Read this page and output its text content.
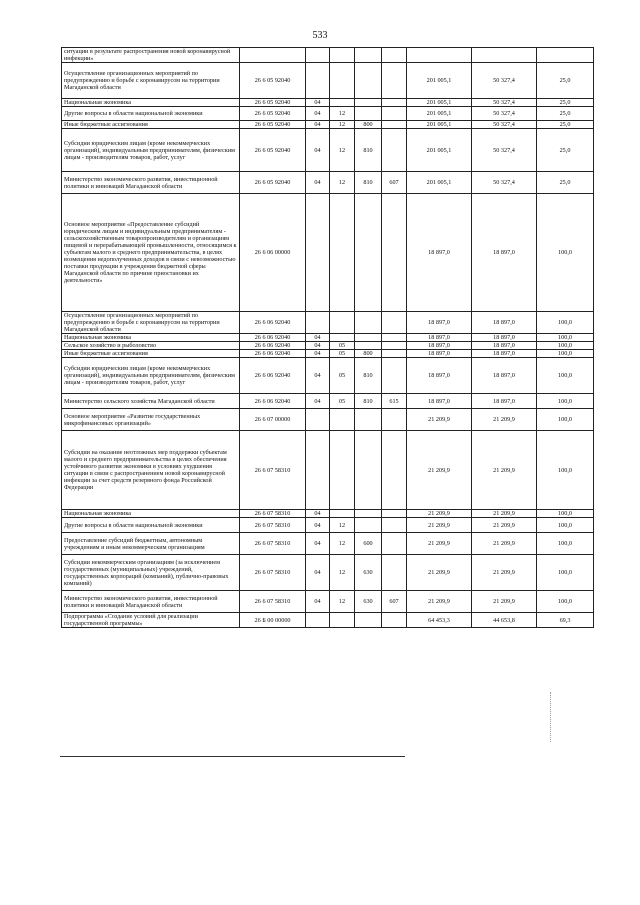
533
ситуации в результате распространения новой коронавирусной инфекции»								
Осуществление организационных мероприятий по предупреждению и борьбе с коронавирусом на территории Магаданской области	26 6 05 92040					201 005,1	50 327,4	25,0
Национальная экономика	26 6 05 92040	04				201 005,1	50 327,4	25,0
Другие вопросы в области национальной экономики	26 6 05 92040	04	12			201 005,1	50 327,4	25,0
Иные бюджетные ассигнования	26 6 05 92040	04	12	800		201 005,1	50 327,4	25,0
Субсидии юридическим лицам (кроме некоммерческих организаций), индивидуальным предпринимателям, физическим лицам - производителям товаров, работ, услуг	26 6 05 92040	04	12	810		201 005,1	50 327,4	25,0
Министерство экономического развития, инвестиционной политики и инноваций Магаданской области	26 6 05 92040	04	12	810	607	201 005,1	50 327,4	25,0
Основное мероприятие «Предоставление субсидий юридическим лицам и индивидуальным предпринимателям - сельскохозяйственным товаропроизводителям и организациям пищевой и перерабатывающей промышленности, относящимся к субъектам малого и среднего предпринимательства, в целях возмещения недополученных доходов в связи с невозможностью поставки продукции в учреждения бюджетной сферы Магаданской области по причине приостановки их деятельности»	26 6 06 00000					18 897,0	18 897,0	100,0
Осуществление организационных мероприятий по предупреждению и борьбе с коронавирусом на территории Магаданской области	26 6 06 92040					18 897,0	18 897,0	100,0
Национальная экономика	26 6 06 92040	04				18 897,0	18 897,0	100,0
Сельское хозяйство и рыболовство	26 6 06 92040	04	05			18 897,0	18 897,0	100,0
Иные бюджетные ассигнования	26 6 06 92040	04	05	800		18 897,0	18 897,0	100,0
Субсидии юридическим лицам (кроме некоммерческих организаций), индивидуальным предпринимателям, физическим лицам - производителям товаров, работ, услуг	26 6 06 92040	04	05	810		18 897,0	18 897,0	100,0
Министерство сельского хозяйства Магаданской области	26 6 06 92040	04	05	810	615	18 897,0	18 897,0	100,0
Основное мероприятие «Развитие государственных микрофинансовых организаций»	26 6 07 00000					21 209,9	21 209,9	100,0
Субсидии на оказание неотложных мер поддержки субъектам малого и среднего предпринимательства в целях обеспечения устойчивого развития экономики в условиях ухудшения ситуации в связи с распространением новой коронавирусной инфекции за счет средств резервного фонда Российской Федерации	26 6 07 58310					21 209,9	21 209,9	100,0
Национальная экономика	26 6 07 58310	04				21 209,9	21 209,9	100,0
Другие вопросы в области национальной экономики	26 6 07 58310	04	12			21 209,9	21 209,9	100,0
Предоставление субсидий бюджетным, автономным учреждениям и иным некоммерческим организациям	26 6 07 58310	04	12	600		21 209,9	21 209,9	100,0
Субсидии некоммерческим организациям (за исключением государственных (муниципальных) учреждений, государственных корпораций (компаний), публично-правовых компаний)	26 6 07 58310	04	12	630		21 209,9	21 209,9	100,0
Министерство экономического развития, инвестиционной политики и инноваций Магаданской области	26 6 07 58310	04	12	630	607	21 209,9	21 209,9	100,0
Подпрограмма «Создание условий для реализации государственной программы»	26 Б 00 00000					64 453,3	44 653,8	69,3
